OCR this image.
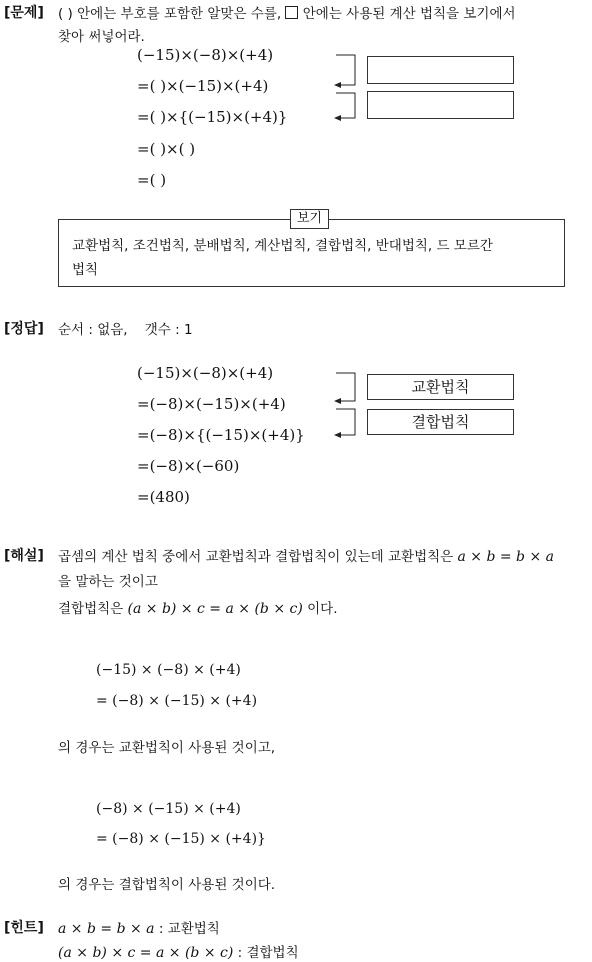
[문제] ( ) 안에는 부호를 포함한 알맞은 수를, 안에는 사용된 계산 법칙을 보기에서
찾아 써넣어라.
(−15)×(−8)×(+4)
=( )×(−15)×(+4)
=( )×{(−15)×(+4)}
=( )×( )
=( )
보기
교환법칙, 조건법칙, 분배법칙, 계산법칙, 결합법칙, 반대법칙, 드 모르간
법칙
[정답] 순서 : 없음,    갯수 : 1
(−15)×(−8)×(+4)
=(−8)×(−15)×(+4)
=(−8)×{(−15)×(+4)}
=(−8)×(−60)
=(480)
교환법칙
결합법칙
[해설] 곱셈의 계산 법칙 중에서 교환법칙과 결합법칙이 있는데 교환법칙은 a × b = b × a
을 말하는 것이고
결합법칙은 (a × b) × c = a × (b × c) 이다.
(−15) × (−8) × (+4)
= (−8) × (−15) × (+4)
의 경우는 교환법칙이 사용된 것이고,
(−8) × (−15) × (+4)
= (−8) × (−15) × (+4)}
의 경우는 결합법칙이 사용된 것이다.
[힌트] a × b = b × a : 교환법칙
(a × b) × c = a × (b × c) : 결합법칙
